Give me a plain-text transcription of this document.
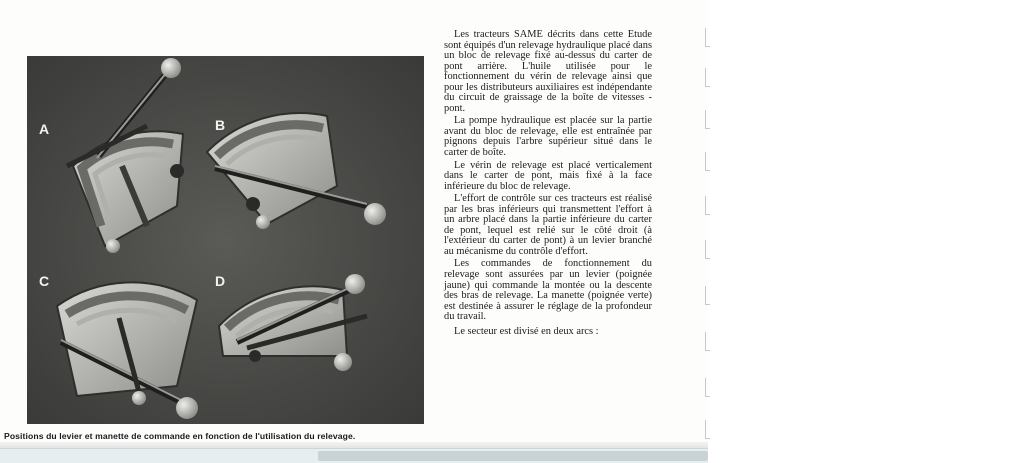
A	B
C	D
Positions du levier et manette de commande en fonction de l'utilisation du relevage.

Les tracteurs SAME décrits dans cette Etude sont équipés d'un relevage hydraulique placé dans un bloc de relevage fixé au-dessus du carter de pont arrière. L'huile utilisée pour le fonctionnement du vérin de relevage ainsi que pour les distributeurs auxiliaires est indépendante du circuit de graissage de la boîte de vitesses - pont.

La pompe hydraulique est placée sur la partie avant du bloc de relevage, elle est entraînée par pignons depuis l'arbre supérieur situé dans le carter de boîte.

Le vérin de relevage est placé verticalement dans le carter de pont, mais fixé à la face inférieure du bloc de relevage.

L'effort de contrôle sur ces tracteurs est réalisé par les bras inférieurs qui transmettent l'effort à un arbre placé dans la partie inférieure du carter de pont, lequel est relié sur le côté droit (à l'extérieur du carter de pont) à un levier branché au mécanisme du contrôle d'effort.

Les commandes de fonctionnement du relevage sont assurées par un levier (poignée jaune) qui commande la montée ou la descente des bras de relevage. La manette (poignée verte) est destinée à assurer le réglage de la profondeur du travail.

Le secteur est divisé en deux arcs :
